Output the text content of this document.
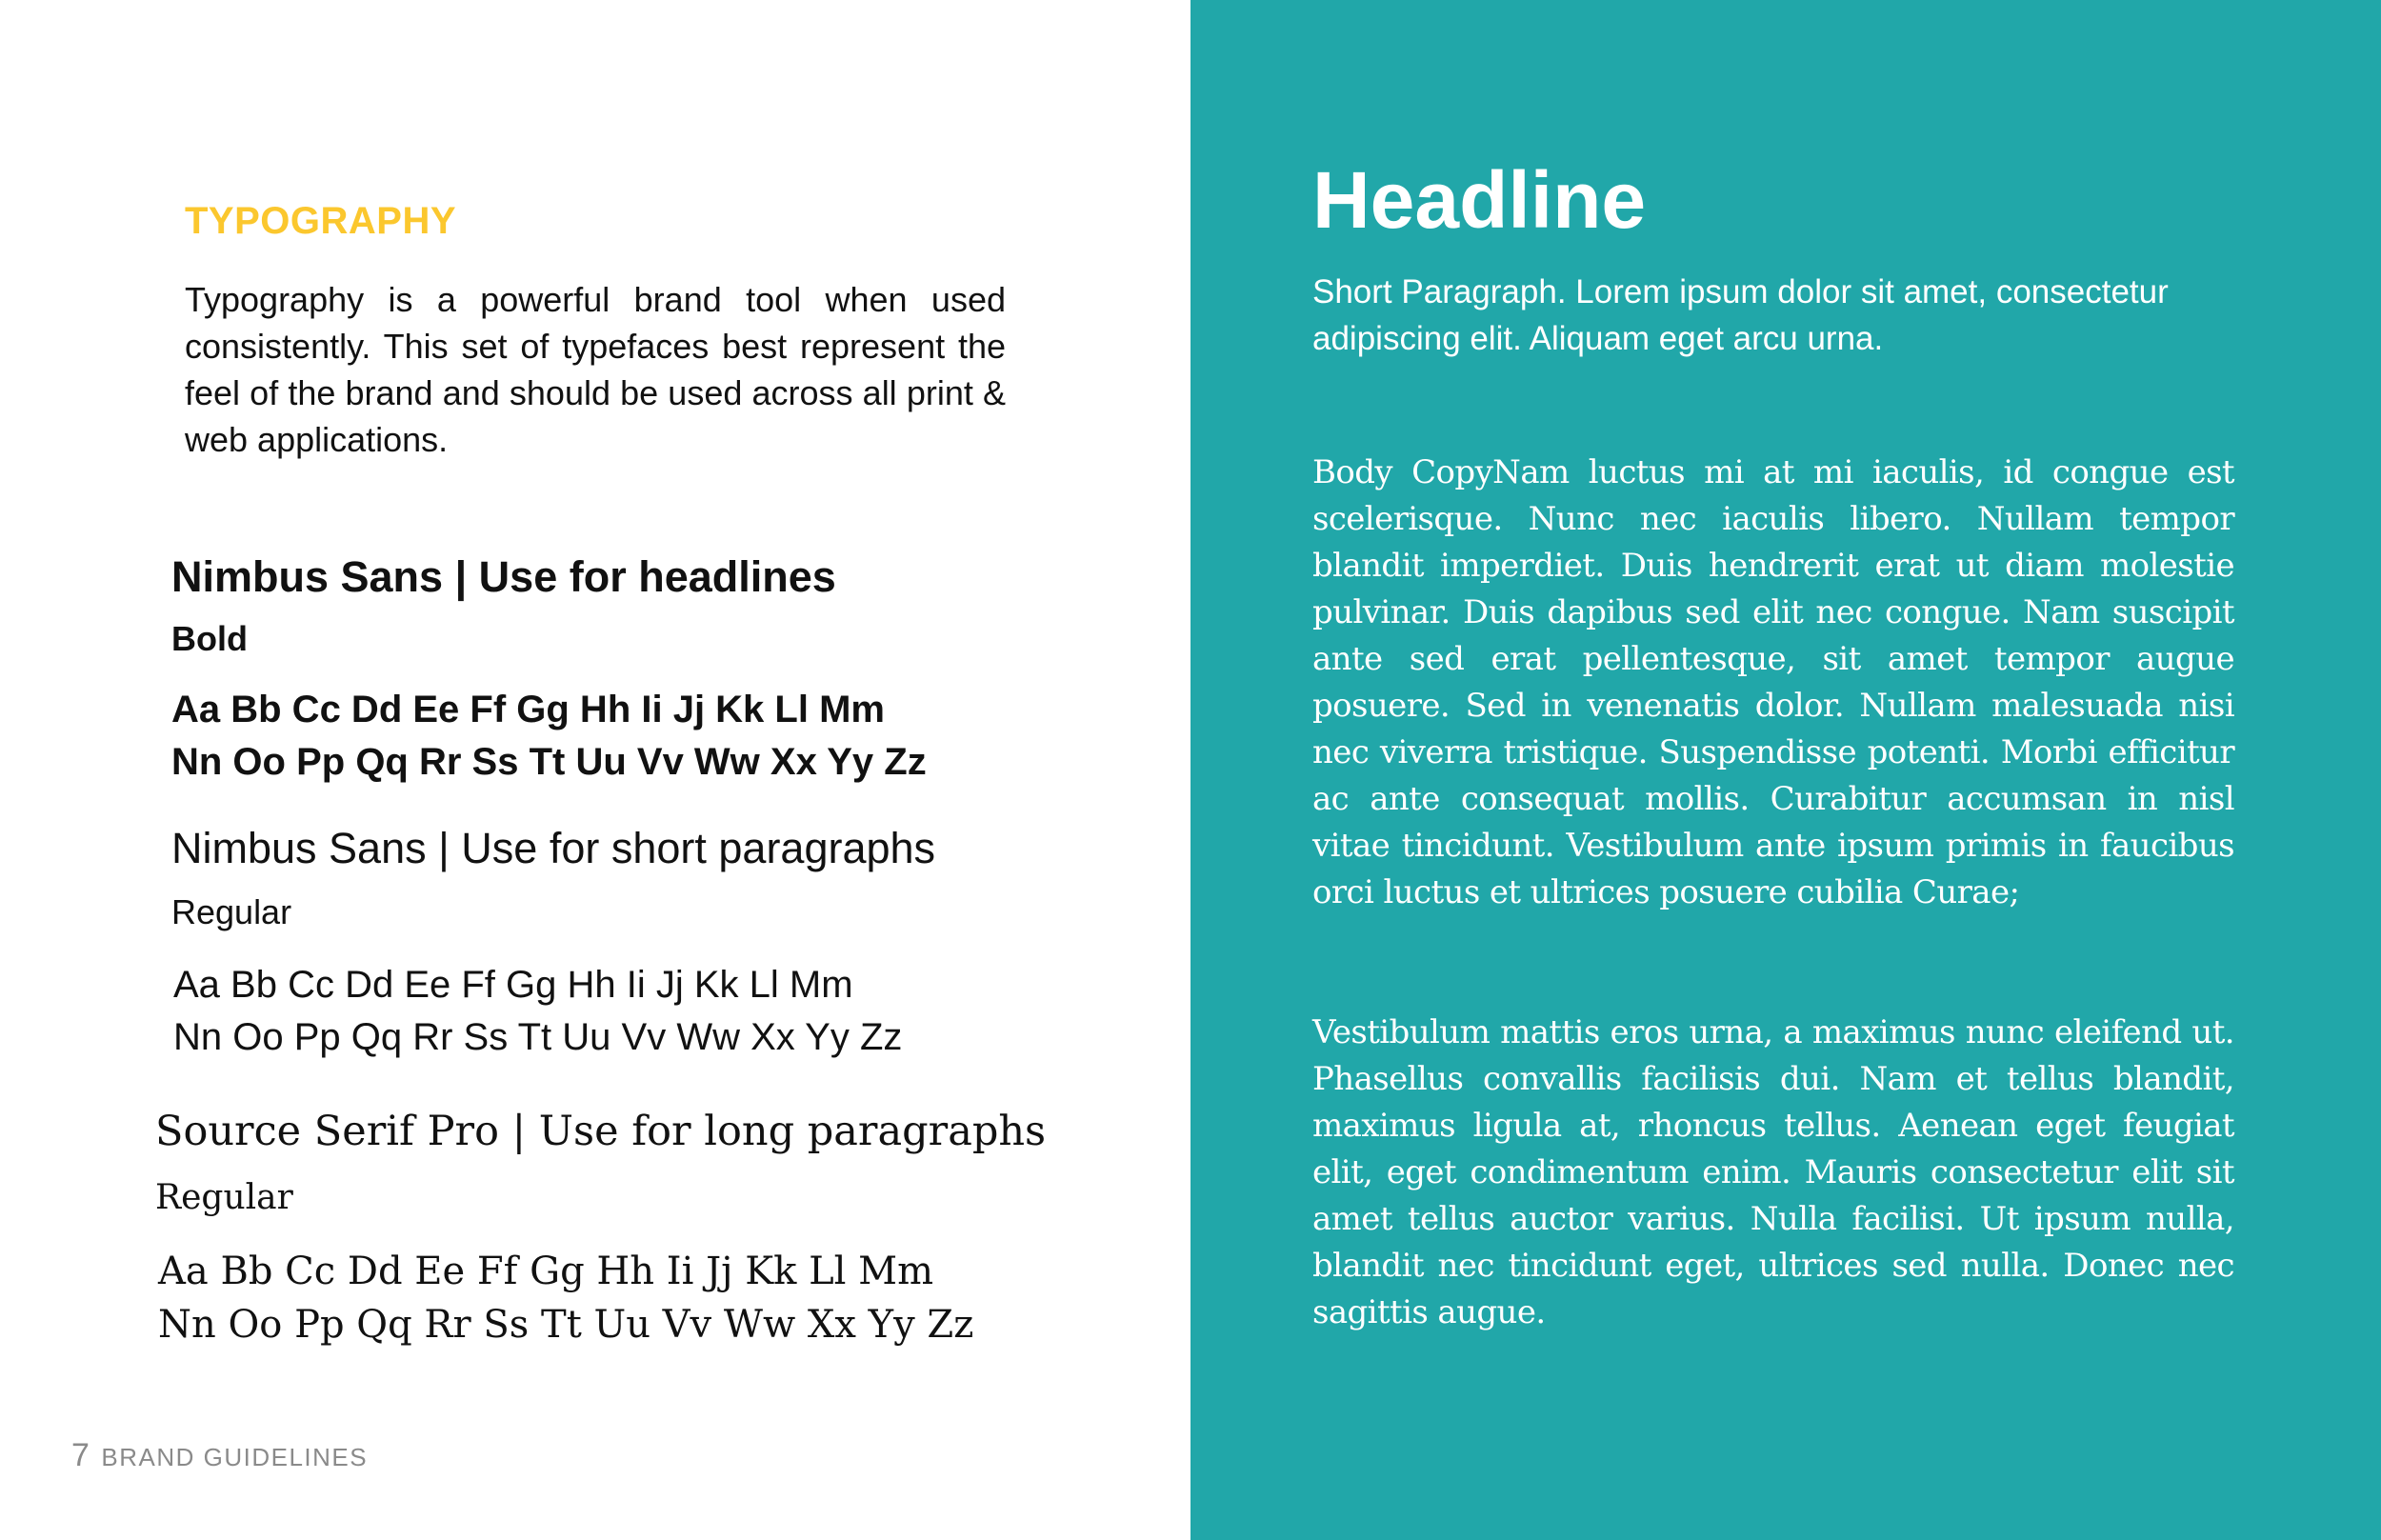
TYPOGRAPHY

Typography is a powerful brand tool when used consistently. This set of typefaces best represent the feel of the brand and should be used across all print & web applications.

Nimbus Sans | Use for headlines

Bold

Aa Bb Cc Dd Ee Ff Gg Hh Ii Jj Kk Ll Mm
Nn Oo Pp Qq Rr Ss Tt Uu Vv Ww Xx Yy Zz

Nimbus Sans | Use for short paragraphs

Regular

Aa Bb Cc Dd Ee Ff Gg Hh Ii Jj Kk Ll Mm
Nn Oo Pp Qq Rr Ss Tt Uu Vv Ww Xx Yy Zz

Source Serif Pro | Use for long paragraphs

Regular

Aa Bb Cc Dd Ee Ff Gg Hh Ii Jj Kk Ll Mm
Nn Oo Pp Qq Rr Ss Tt Uu Vv Ww Xx Yy Zz
7 BRAND GUIDELINES
Headline

Short Paragraph. Lorem ipsum dolor sit amet, consectetur adipiscing elit. Aliquam eget arcu urna.

Body CopyNam luctus mi at mi iaculis, id congue est scelerisque. Nunc nec iaculis libero. Nullam tempor blandit imperdiet. Duis hendrerit erat ut diam molestie pulvinar. Duis dapibus sed elit nec congue. Nam suscipit ante sed erat pellentesque, sit amet tempor augue posuere. Sed in venenatis dolor. Nullam malesuada nisi nec viverra tristique. Suspendisse potenti. Morbi efficitur ac ante consequat mollis. Curabitur accumsan in nisl vitae tincidunt. Vestibulum ante ipsum primis in faucibus orci luctus et ultrices posuere cubilia Curae;

Vestibulum mattis eros urna, a maximus nunc eleifend ut. Phasellus convallis facilisis dui. Nam et tellus blandit, maximus ligula at, rhoncus tellus. Aenean eget feugiat elit, eget condimentum enim. Mauris consectetur elit sit amet tellus auctor varius. Nulla facilisi. Ut ipsum nulla, blandit nec tincidunt eget, ultrices sed nulla. Donec nec sagittis augue.
